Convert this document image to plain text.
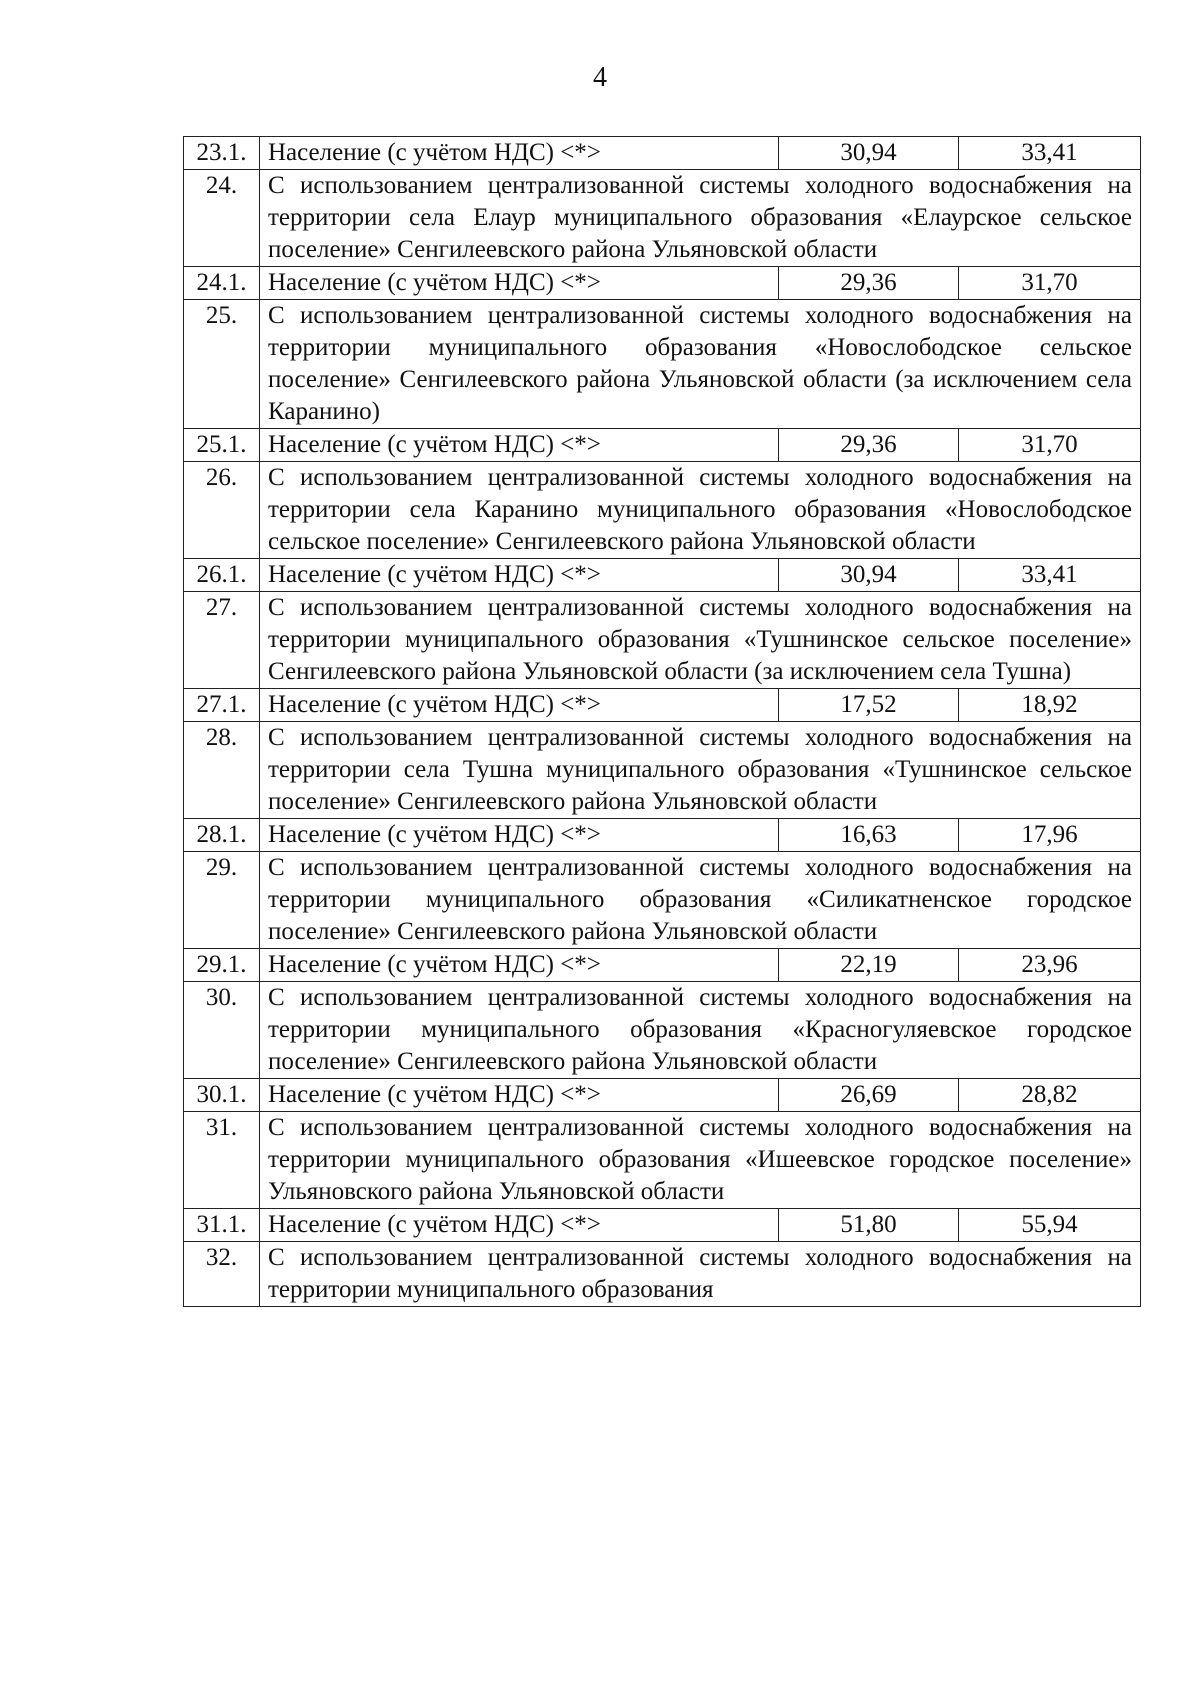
4
23.1.	Население (с учётом НДС) <*>	30,94	33,41
24.	С использованием централизованной системы холодного водоснабжения на территории села Елаур муниципального образования «Елаурское сельское поселение» Сенгилеевского района Ульяновской области		
24.1.	Население (с учётом НДС) <*>	29,36	31,70
25.	С использованием централизованной системы холодного водоснабжения на территории муниципального образования «Новослободское сельское поселение» Сенгилеевского района Ульяновской области (за исключением села Каранино)		
25.1.	Население (с учётом НДС) <*>	29,36	31,70
26.	С использованием централизованной системы холодного водоснабжения на территории села Каранино муниципального образования «Новослободское сельское поселение» Сенгилеевского района Ульяновской области		
26.1.	Население (с учётом НДС) <*>	30,94	33,41
27.	С использованием централизованной системы холодного водоснабжения на территории муниципального образования «Тушнинское сельское поселение» Сенгилеевского района Ульяновской области (за исключением села Тушна)		
27.1.	Население (с учётом НДС) <*>	17,52	18,92
28.	С использованием централизованной системы холодного водоснабжения на территории села Тушна муниципального образования «Тушнинское сельское поселение» Сенгилеевского района Ульяновской области		
28.1.	Население (с учётом НДС) <*>	16,63	17,96
29.	С использованием централизованной системы холодного водоснабжения на территории муниципального образования «Силикатненское городское поселение» Сенгилеевского района Ульяновской области		
29.1.	Население (с учётом НДС) <*>	22,19	23,96
30.	С использованием централизованной системы холодного водоснабжения на территории муниципального образования «Красногуляевское городское поселение» Сенгилеевского района Ульяновской области		
30.1.	Население (с учётом НДС) <*>	26,69	28,82
31.	С использованием централизованной системы холодного водоснабжения на территории муниципального образования «Ишеевское городское поселение» Ульяновского района Ульяновской области		
31.1.	Население (с учётом НДС) <*>	51,80	55,94
32.	С использованием централизованной системы холодного водоснабжения на территории муниципального образования		
